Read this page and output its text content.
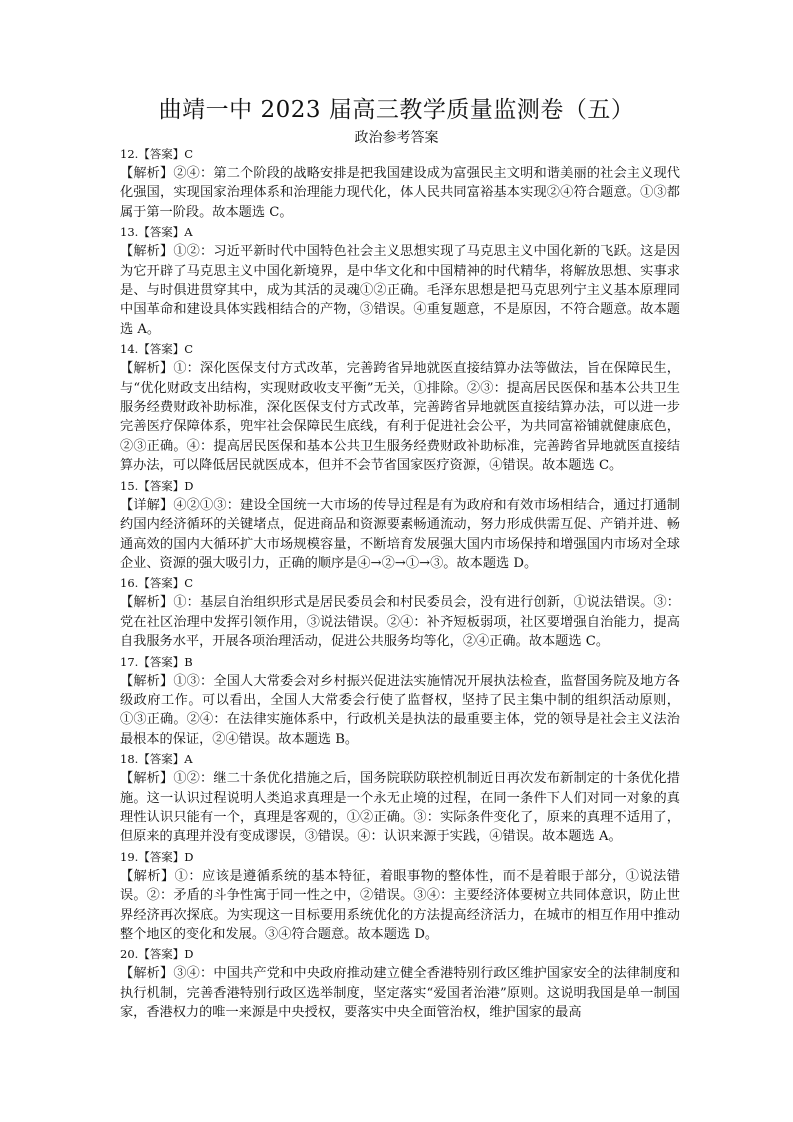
曲靖一中 2023 届高三教学质量监测卷（五）
政治参考答案
12.【答案】C
【解析】②④：第二个阶段的战略安排是把我国建设成为富强民主文明和谐美丽的社会主义现代化强国，实现国家治理体系和治理能力现代化，体人民共同富裕基本实现②④符合题意。①③都属于第一阶段。故本题选 C。
13.【答案】A
【解析】①②：习近平新时代中国特色社会主义思想实现了马克思主义中国化新的飞跃。这是因为它开辟了马克思主义中国化新境界，是中华文化和中国精神的时代精华，将解放思想、实事求是、与时俱进贯穿其中，成为其活的灵魂①②正确。毛泽东思想是把马克思列宁主义基本原理同中国革命和建设具体实践相结合的产物，③错误。④重复题意，不是原因，不符合题意。故本题选 A。
14.【答案】C
【解析】①：深化医保支付方式改革，完善跨省异地就医直接结算办法等做法，旨在保障民生，与“优化财政支出结构，实现财政收支平衡”无关，①排除。②③：提高居民医保和基本公共卫生服务经费财政补助标准，深化医保支付方式改革，完善跨省异地就医直接结算办法，可以进一步完善医疗保障体系，兜牢社会保障民生底线，有利于促进社会公平，为共同富裕铺就健康底色，②③正确。④：提高居民医保和基本公共卫生服务经费财政补助标准，完善跨省异地就医直接结算办法，可以降低居民就医成本，但并不会节省国家医疗资源，④错误。故本题选 C。
15.【答案】D
【详解】④②①③：建设全国统一大市场的传导过程是有为政府和有效市场相结合，通过打通制约国内经济循环的关键堵点，促进商品和资源要素畅通流动，努力形成供需互促、产销并进、畅通高效的国内大循环扩大市场规模容量，不断培育发展强大国内市场保持和增强国内市场对全球企业、资源的强大吸引力，正确的顺序是④→②→①→③。故本题选 D。
16.【答案】C
【解析】①：基层自治组织形式是居民委员会和村民委员会，没有进行创新，①说法错误。③：党在社区治理中发挥引领作用，③说法错误。②④：补齐短板弱项，社区要增强自治能力，提高自我服务水平，开展各项治理活动，促进公共服务均等化，②④正确。故本题选 C。
17.【答案】B
【解析】①③：全国人大常委会对乡村振兴促进法实施情况开展执法检查，监督国务院及地方各级政府工作。可以看出，全国人大常委会行使了监督权，坚持了民主集中制的组织活动原则，①③正确。②④：在法律实施体系中，行政机关是执法的最重要主体，党的领导是社会主义法治最根本的保证，②④错误。故本题选 B。
18.【答案】A
【解析】①②：继二十条优化措施之后，国务院联防联控机制近日再次发布新制定的十条优化措施。这一认识过程说明人类追求真理是一个永无止境的过程，在同一条件下人们对同一对象的真理性认识只能有一个，真理是客观的，①②正确。③：实际条件变化了，原来的真理不适用了，但原来的真理并没有变成谬误，③错误。④：认识来源于实践，④错误。故本题选 A。
19.【答案】D
【解析】①：应该是遵循系统的基本特征，着眼事物的整体性，而不是着眼于部分，①说法错误。②：矛盾的斗争性寓于同一性之中，②错误。③④：主要经济体要树立共同体意识，防止世界经济再次探底。为实现这一目标要用系统优化的方法提高经济活力，在城市的相互作用中推动整个地区的变化和发展。③④符合题意。故本题选 D。
20.【答案】D
【解析】③④：中国共产党和中央政府推动建立健全香港特别行政区维护国家安全的法律制度和执行机制，完善香港特别行政区选举制度，坚定落实“爱国者治港”原则。这说明我国是单一制国家，香港权力的唯一来源是中央授权，要落实中央全面管治权，维护国家的最高
